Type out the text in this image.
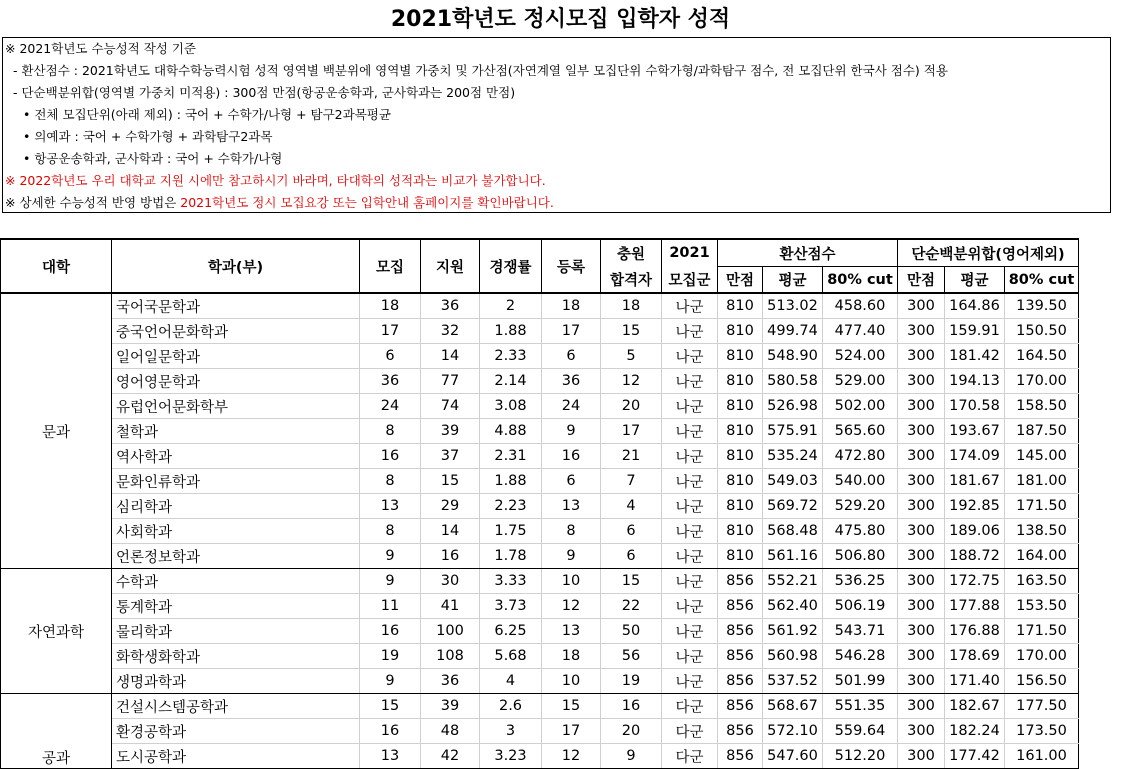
2021학년도 정시모집 입학자 성적
※ 2021학년도 수능성적 작성 기준
- 환산점수 : 2021학년도 대학수학능력시험 성적 영역별 백분위에 영역별 가중치 및 가산점(자연계열 일부 모집단위 수학가형/과학탐구 점수, 전 모집단위 한국사 점수) 적용
- 단순백분위합(영역별 가중치 미적용) : 300점 만점(항공운송학과, 군사학과는 200점 만점)
• 전체 모집단위(아래 제외) : 국어 + 수학가/나형 + 탐구2과목평균
• 의예과 : 국어 + 수학가형 + 과학탐구2과목
• 항공운송학과, 군사학과 : 국어 + 수학가/나형
※ 2022학년도 우리 대학교 지원 시에만 참고하시기 바라며, 타대학의 성적과는 비교가 불가합니다.
※ 상세한 수능성적 반영 방법은 2021학년도 정시 모집요강 또는 입학안내 홈페이지를 확인바랍니다.
대학	학과(부)	모집	지원	경쟁률	등록	충원	2021	환산점수			단순백분위합(영어제외)		
						합격자	모집군	만점	평균	80% cut	만점	평균	80% cut
문과	국어국문학과	18	36	2	18	18	나군	810	513.02	458.60	300	164.86	139.50
	중국언어문화학과	17	32	1.88	17	15	나군	810	499.74	477.40	300	159.91	150.50
	일어일문학과	6	14	2.33	6	5	나군	810	548.90	524.00	300	181.42	164.50
	영어영문학과	36	77	2.14	36	12	나군	810	580.58	529.00	300	194.13	170.00
	유럽언어문화학부	24	74	3.08	24	20	나군	810	526.98	502.00	300	170.58	158.50
	철학과	8	39	4.88	9	17	나군	810	575.91	565.60	300	193.67	187.50
	역사학과	16	37	2.31	16	21	나군	810	535.24	472.80	300	174.09	145.00
	문화인류학과	8	15	1.88	6	7	나군	810	549.03	540.00	300	181.67	181.00
	심리학과	13	29	2.23	13	4	나군	810	569.72	529.20	300	192.85	171.50
	사회학과	8	14	1.75	8	6	나군	810	568.48	475.80	300	189.06	138.50
	언론정보학과	9	16	1.78	9	6	나군	810	561.16	506.80	300	188.72	164.00
자연과학	수학과	9	30	3.33	10	15	나군	856	552.21	536.25	300	172.75	163.50
	통계학과	11	41	3.73	12	22	나군	856	562.40	506.19	300	177.88	153.50
	물리학과	16	100	6.25	13	50	나군	856	561.92	543.71	300	176.88	171.50
	화학생화학과	19	108	5.68	18	56	나군	856	560.98	546.28	300	178.69	170.00
	생명과학과	9	36	4	10	19	나군	856	537.52	501.99	300	171.40	156.50
공과	건설시스템공학과	15	39	2.6	15	16	다군	856	568.67	551.35	300	182.67	177.50
	환경공학과	16	48	3	17	20	다군	856	572.10	559.64	300	182.24	173.50
	도시공학과	13	42	3.23	12	9	다군	856	547.60	512.20	300	177.42	161.00
